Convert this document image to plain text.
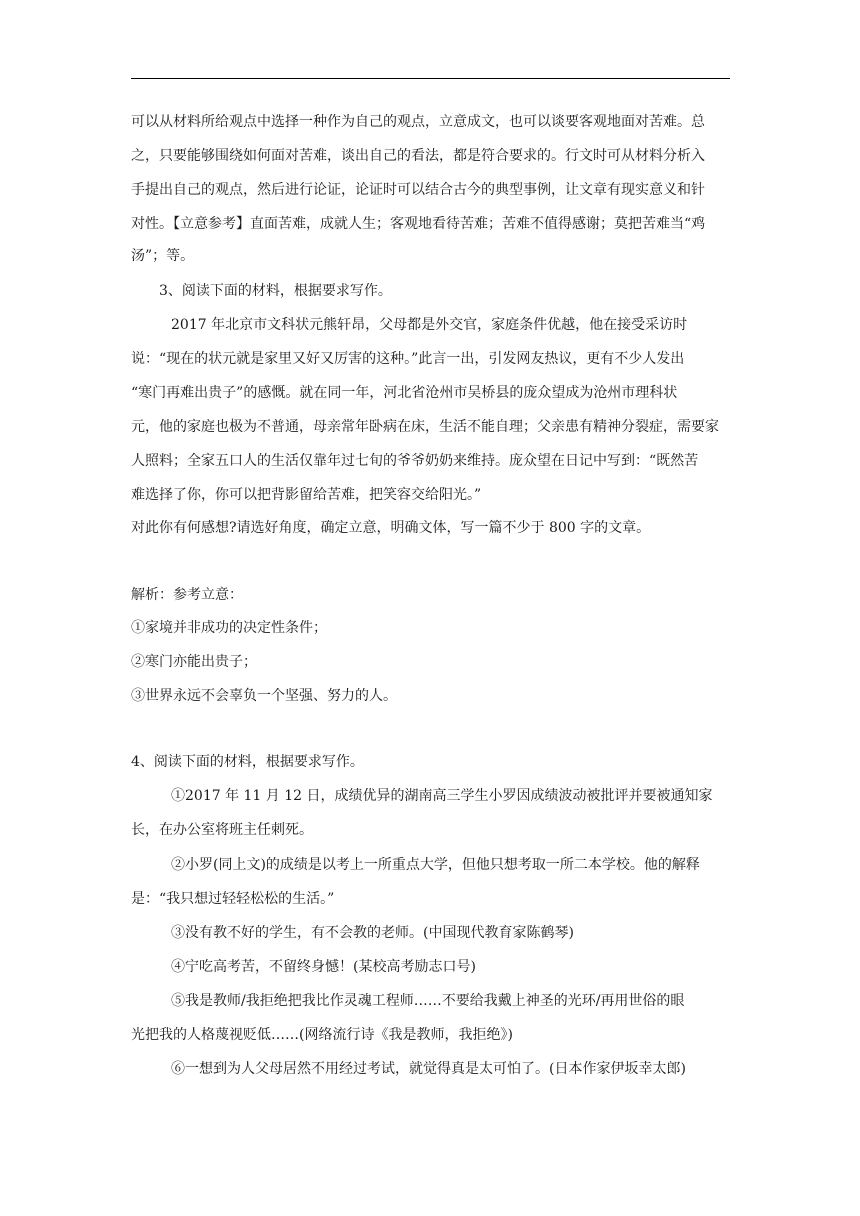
可以从材料所给观点中选择一种作为自己的观点，立意成文，也可以谈要客观地面对苦难。总
之，只要能够围绕如何面对苦难，谈出自己的看法，都是符合要求的。行文时可从材料分析入
手提出自己的观点，然后进行论证，论证时可以结合古今的典型事例，让文章有现实意义和针
对性。【立意参考】直面苦难，成就人生；客观地看待苦难；苦难不值得感谢；莫把苦难当“鸡
汤”；等。
3、阅读下面的材料，根据要求写作。
2017 年北京市文科状元熊轩昂，父母都是外交官，家庭条件优越，他在接受采访时
说：“现在的状元就是家里又好又厉害的这种。”此言一出，引发网友热议，更有不少人发出
“寒门再难出贵子”的感慨。就在同一年，河北省沧州市吴桥县的庞众望成为沧州市理科状
元，他的家庭也极为不普通，母亲常年卧病在床，生活不能自理；父亲患有精神分裂症，需要家
人照料；全家五口人的生活仅靠年过七旬的爷爷奶奶来维持。庞众望在日记中写到：“既然苦
难选择了你，你可以把背影留给苦难，把笑容交给阳光。”
对此你有何感想?请选好角度，确定立意，明确文体，写一篇不少于 800 字的文章。
解析：参考立意：
①家境并非成功的决定性条件；
②寒门亦能出贵子；
③世界永远不会辜负一个坚强、努力的人。
4、阅读下面的材料，根据要求写作。
①2017 年 11 月 12 日，成绩优异的湖南高三学生小罗因成绩波动被批评并要被通知家
长，在办公室将班主任刺死。
②小罗(同上文)的成绩是以考上一所重点大学，但他只想考取一所二本学校。他的解释
是：“我只想过轻轻松松的生活。”
③没有教不好的学生，有不会教的老师。(中国现代教育家陈鹤琴)
④宁吃高考苦，不留终身憾！(某校高考励志口号)
⑤我是教师/我拒绝把我比作灵魂工程师……不要给我戴上神圣的光环/再用世俗的眼
光把我的人格蔑视贬低……(网络流行诗《我是教师，我拒绝》)
⑥一想到为人父母居然不用经过考试，就觉得真是太可怕了。(日本作家伊坂幸太郎)
